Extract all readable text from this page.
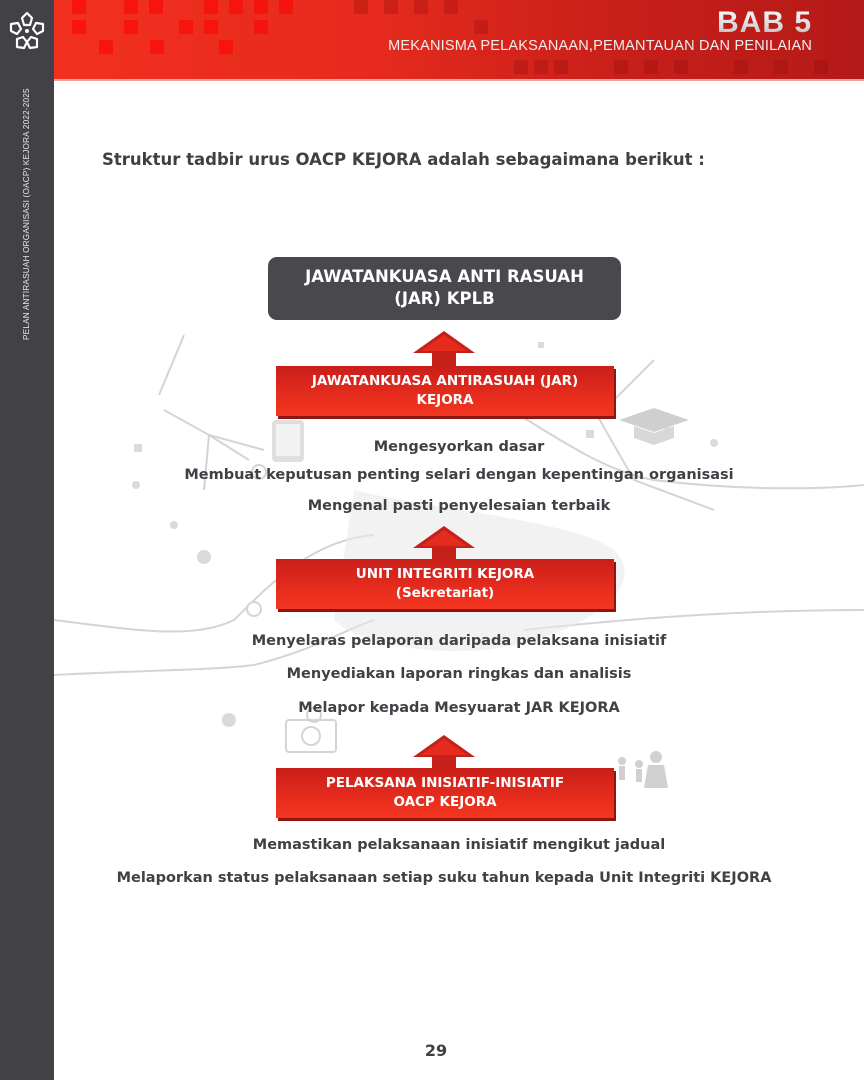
PELAN ANTIRASUAH ORGANISASI (OACP) KEJORA 2022-2025
BAB 5
MEKANISMA PELAKSANAAN,PEMANTAUAN DAN PENILAIAN
Struktur tadbir urus OACP KEJORA adalah sebagaimana berikut :
JAWATANKUASA ANTI RASUAH
(JAR) KPLB
JAWATANKUASA ANTIRASUAH (JAR)
KEJORA
Mengesyorkan dasar
Membuat keputusan penting selari dengan kepentingan organisasi
Mengenal pasti penyelesaian terbaik
UNIT INTEGRITI KEJORA
(Sekretariat)
Menyelaras pelaporan daripada pelaksana inisiatif
Menyediakan laporan ringkas dan analisis
Melapor kepada Mesyuarat JAR KEJORA
PELAKSANA INISIATIF-INISIATIF
OACP KEJORA
Memastikan pelaksanaan inisiatif mengikut jadual
Melaporkan status pelaksanaan setiap suku tahun kepada Unit Integriti KEJORA
29
